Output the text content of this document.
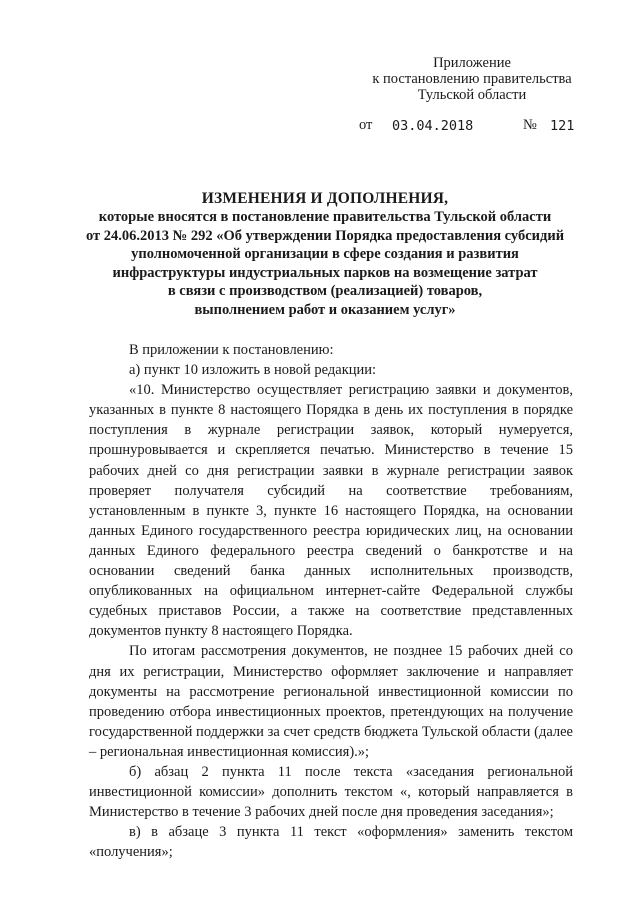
Приложение
к постановлению правительства
Тульской области
от 03.04.2018	№ 121
ИЗМЕНЕНИЯ И ДОПОЛНЕНИЯ,
которые вносятся в постановление правительства Тульской области
от 24.06.2013 № 292 «Об утверждении Порядка предоставления субсидий
уполномоченной организации в сфере создания и развития
инфраструктуры индустриальных парков на возмещение затрат
в связи с производством (реализацией) товаров,
выполнением работ и оказанием услуг»

В приложении к постановлению:

а) пункт 10 изложить в новой редакции:

«10. Министерство осуществляет регистрацию заявки и документов, указанных в пункте 8 настоящего Порядка в день их поступления в порядке поступления в журнале регистрации заявок, который нумеруется, прошнуровывается и скрепляется печатью. Министерство в течение 15 рабочих дней со дня регистрации заявки в журнале регистрации заявок проверяет получателя субсидий на соответствие требованиям, установленным в пункте 3, пункте 16 настоящего Порядка, на основании данных Единого государственного реестра юридических лиц, на основании данных Единого федерального реестра сведений о банкротстве и на основании сведений банка данных исполнительных производств, опубликованных на официальном интернет-сайте Федеральной службы судебных приставов России, а также на соответствие представленных документов пункту 8 настоящего Порядка.

По итогам рассмотрения документов, не позднее 15 рабочих дней со дня их регистрации, Министерство оформляет заключение и направляет документы на рассмотрение региональной инвестиционной комиссии по проведению отбора инвестиционных проектов, претендующих на получение государственной поддержки за счет средств бюджета Тульской области (далее – региональная инвестиционная комиссия).»;

б) абзац 2 пункта 11 после текста «заседания региональной инвестиционной комиссии» дополнить текстом «, который направляется в Министерство в течение 3 рабочих дней после дня проведения заседания»;

в) в абзаце 3 пункта 11 текст «оформления» заменить текстом «получения»;
